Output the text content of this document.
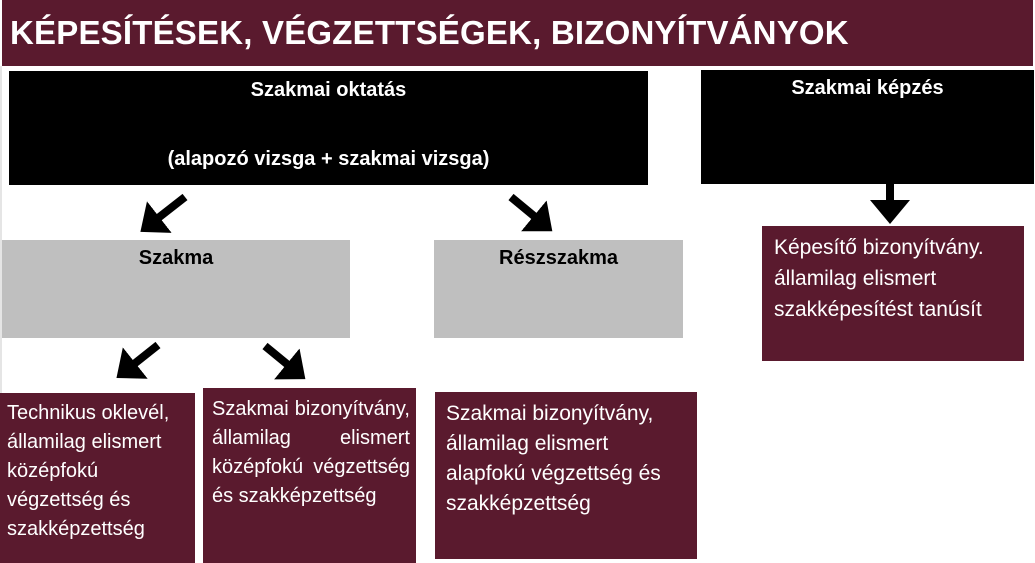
KÉPESÍTÉSEK, VÉGZETTSÉGEK, BIZONYÍTVÁNYOK
Szakmai oktatás
(alapozó vizsga + szakmai vizsga)
Szakmai képzés
Szakma	Részszakma	Képesítő bizonyítvány. államilag elismert szakképesítést tanúsít
Technikus oklevél, államilag elismert középfokú végzettség és szakképzettség
Szakmai bizonyítvány, államilag elismert középfokú végzettség és szakképzettség
Szakmai bizonyítvány, államilag elismert alapfokú végzettség és szakképzettség
